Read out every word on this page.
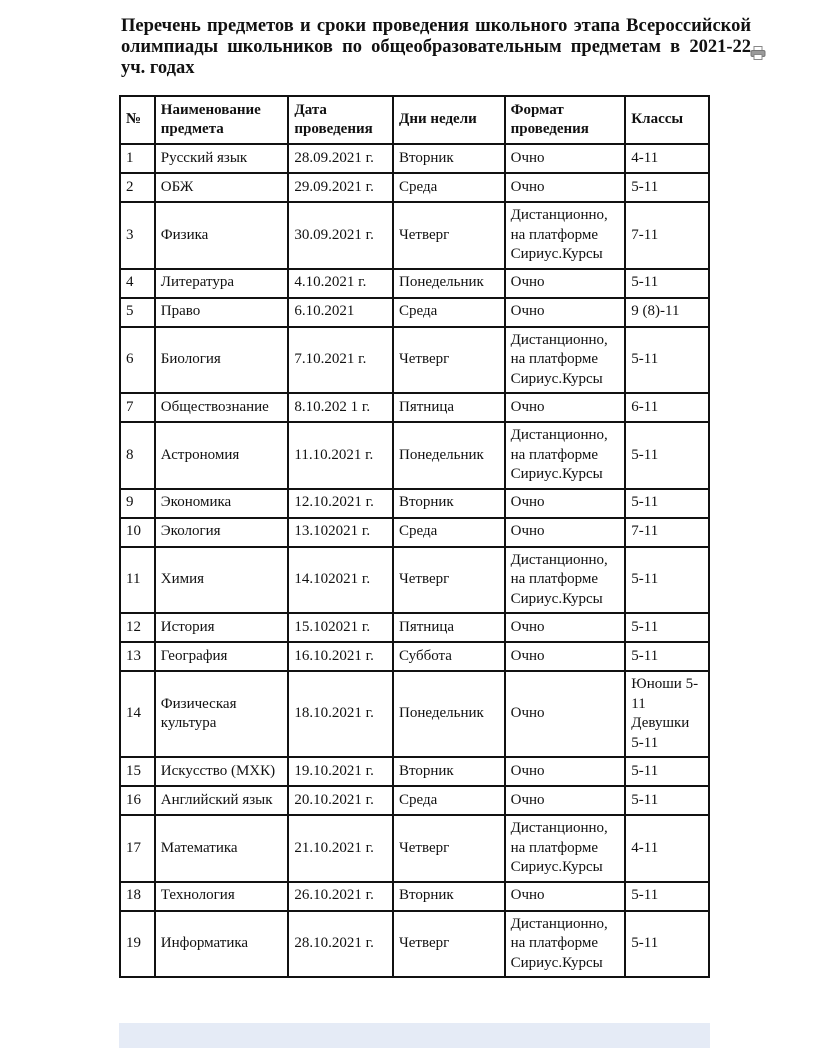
Перечень предметов и сроки проведения школьного этапа Всероссийской олимпиады школьников по общеобразовательным предметам в 2021-22 уч. годах
№	Наименование предмета	Дата проведения	Дни недели	Формат проведения	Классы
1	Русский язык	28.09.2021 г.	Вторник	Очно	4-11
2	ОБЖ	29.09.2021 г.	Среда	Очно	5-11
3	Физика	30.09.2021 г.	Четверг	Дистанционно, на платформе Сириус.Курсы	7-11
4	Литература	4.10.2021 г.	Понедельник	Очно	5-11
5	Право	6.10.2021	Среда	Очно	9 (8)-11
6	Биология	7.10.2021 г.	Четверг	Дистанционно, на платформе Сириус.Курсы	5-11
7	Обществознание	8.10.202 1 г.	Пятница	Очно	6-11
8	Астрономия	11.10.2021 г.	Понедельник	Дистанционно, на платформе Сириус.Курсы	5-11
9	Экономика	12.10.2021 г.	Вторник	Очно	5-11
10	Экология	13.102021 г.	Среда	Очно	7-11
11	Химия	14.102021 г.	Четверг	Дистанционно, на платформе Сириус.Курсы	5-11
12	История	15.102021 г.	Пятница	Очно	5-11
13	География	16.10.2021 г.	Суббота	Очно	5-11
14	Физическая культура	18.10.2021 г.	Понедельник	Очно	Юноши 5-11 Девушки 5-11
15	Искусство (МХК)	19.10.2021 г.	Вторник	Очно	5-11
16	Английский язык	20.10.2021 г.	Среда	Очно	5-11
17	Математика	21.10.2021 г.	Четверг	Дистанционно, на платформе Сириус.Курсы	4-11
18	Технология	26.10.2021 г.	Вторник	Очно	5-11
19	Информатика	28.10.2021 г.	Четверг	Дистанционно, на платформе Сириус.Курсы	5-11
